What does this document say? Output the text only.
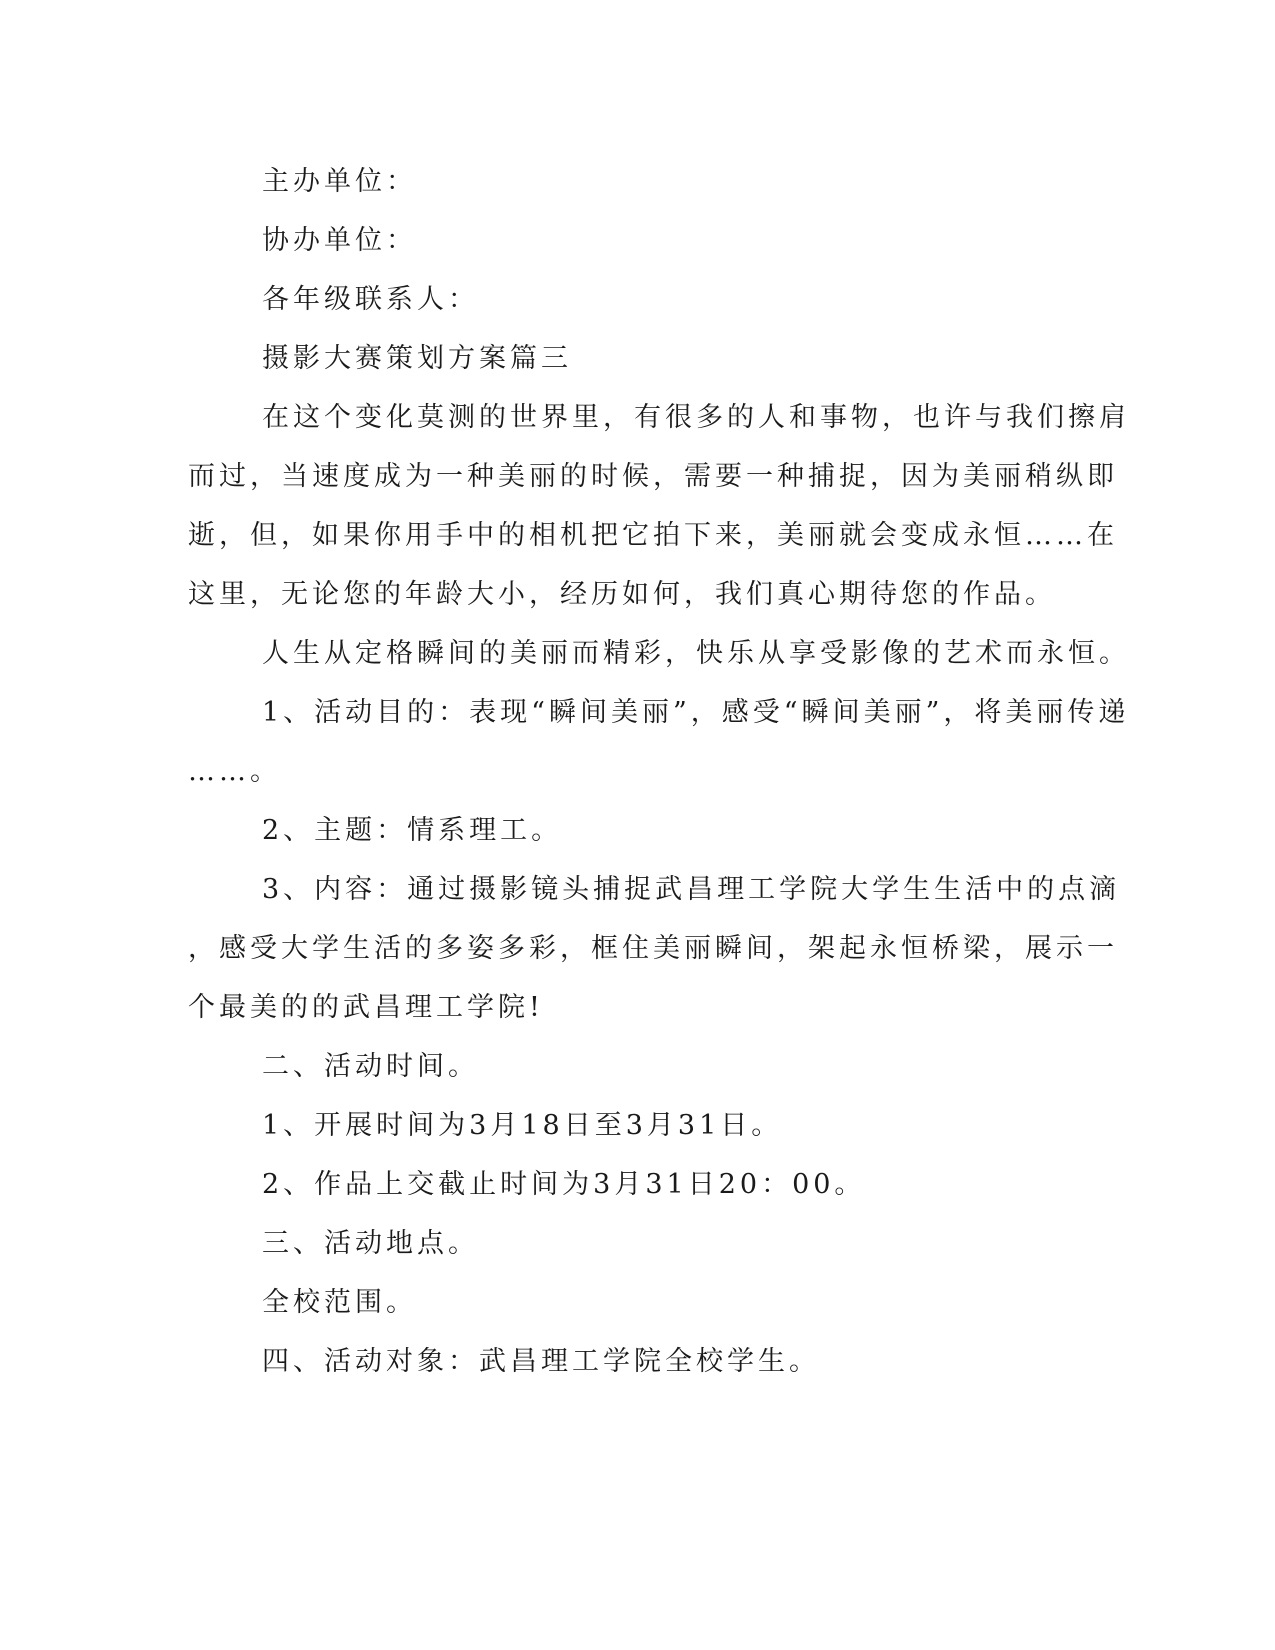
主办单位：
协办单位：
各年级联系人：
摄影大赛策划方案篇三
在这个变化莫测的世界里，有很多的人和事物，也许与我们擦肩
而过，当速度成为一种美丽的时候，需要一种捕捉，因为美丽稍纵即
逝，但，如果你用手中的相机把它拍下来，美丽就会变成永恒……在
这里，无论您的年龄大小，经历如何，我们真心期待您的作品。
人生从定格瞬间的美丽而精彩，快乐从享受影像的艺术而永恒。
1、活动目的：表现“瞬间美丽”，感受“瞬间美丽”，将美丽传递
……。
2、主题：情系理工。
3、内容：通过摄影镜头捕捉武昌理工学院大学生生活中的点滴
，感受大学生活的多姿多彩，框住美丽瞬间，架起永恒桥梁，展示一
个最美的的武昌理工学院!
二、活动时间。
1、开展时间为3月18日至3月31日。
2、作品上交截止时间为3月31日20：00。
三、活动地点。
全校范围。
四、活动对象：武昌理工学院全校学生。
